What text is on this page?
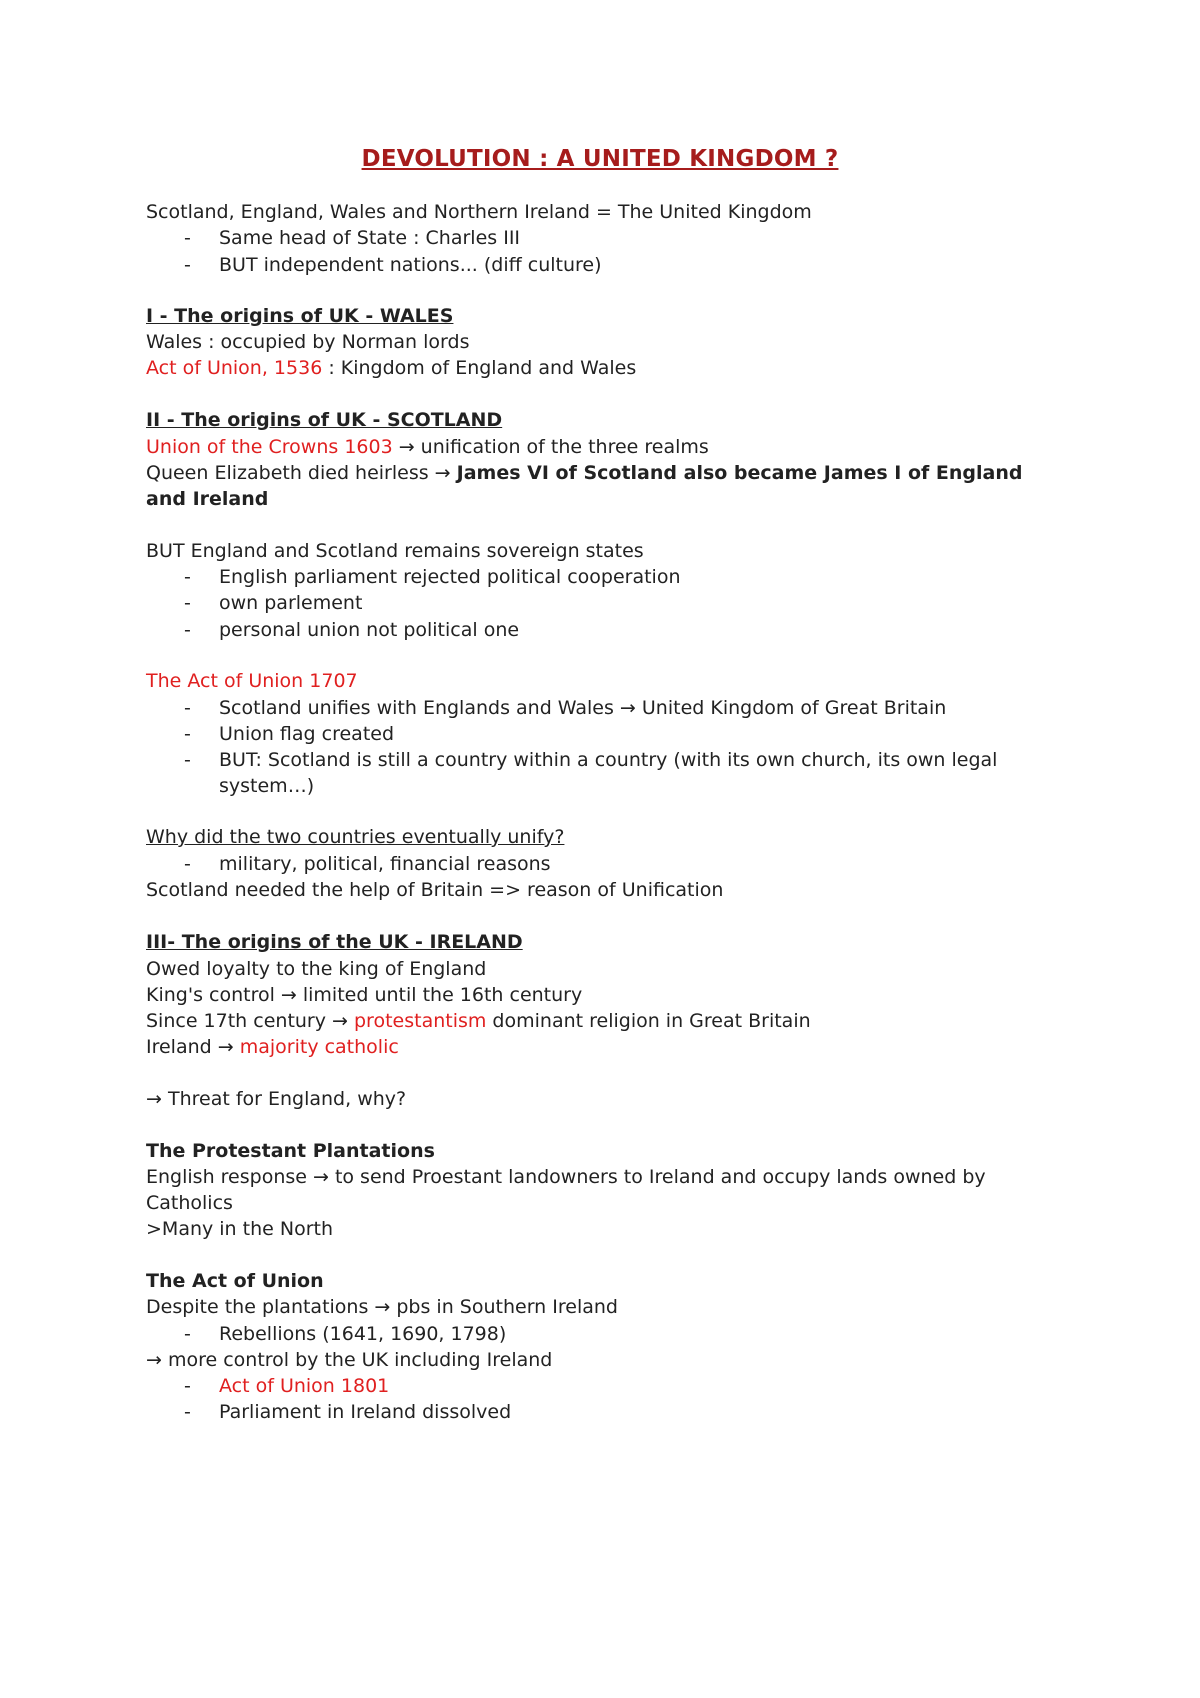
DEVOLUTION : A UNITED KINGDOM ?
Scotland, England, Wales and Northern Ireland = The United Kingdom
- Same head of State : Charles III
- BUT independent nations... (diff culture)
I - The origins of UK - WALES
Wales : occupied by Norman lords
Act of Union, 1536 : Kingdom of England and Wales
II - The origins of UK - SCOTLAND
Union of the Crowns 1603 → unification of the three realms
Queen Elizabeth died heirless → James VI of Scotland also became James I of England
and Ireland
BUT England and Scotland remains sovereign states
- English parliament rejected political cooperation
- own parlement
- personal union not political one
The Act of Union 1707
- Scotland unifies with Englands and Wales → United Kingdom of Great Britain
- Union flag created
- BUT: Scotland is still a country within a country (with its own church, its own legal
system…)
Why did the two countries eventually unify?
- military, political, financial reasons
Scotland needed the help of Britain => reason of Unification
III- The origins of the UK - IRELAND
Owed loyalty to the king of England
King's control → limited until the 16th century
Since 17th century → protestantism dominant religion in Great Britain
Ireland → majority catholic
→ Threat for England, why?
The Protestant Plantations
English response → to send Proestant landowners to Ireland and occupy lands owned by
Catholics
>Many in the North
The Act of Union
Despite the plantations → pbs in Southern Ireland
- Rebellions (1641, 1690, 1798)
→ more control by the UK including Ireland
- Act of Union 1801
- Parliament in Ireland dissolved
